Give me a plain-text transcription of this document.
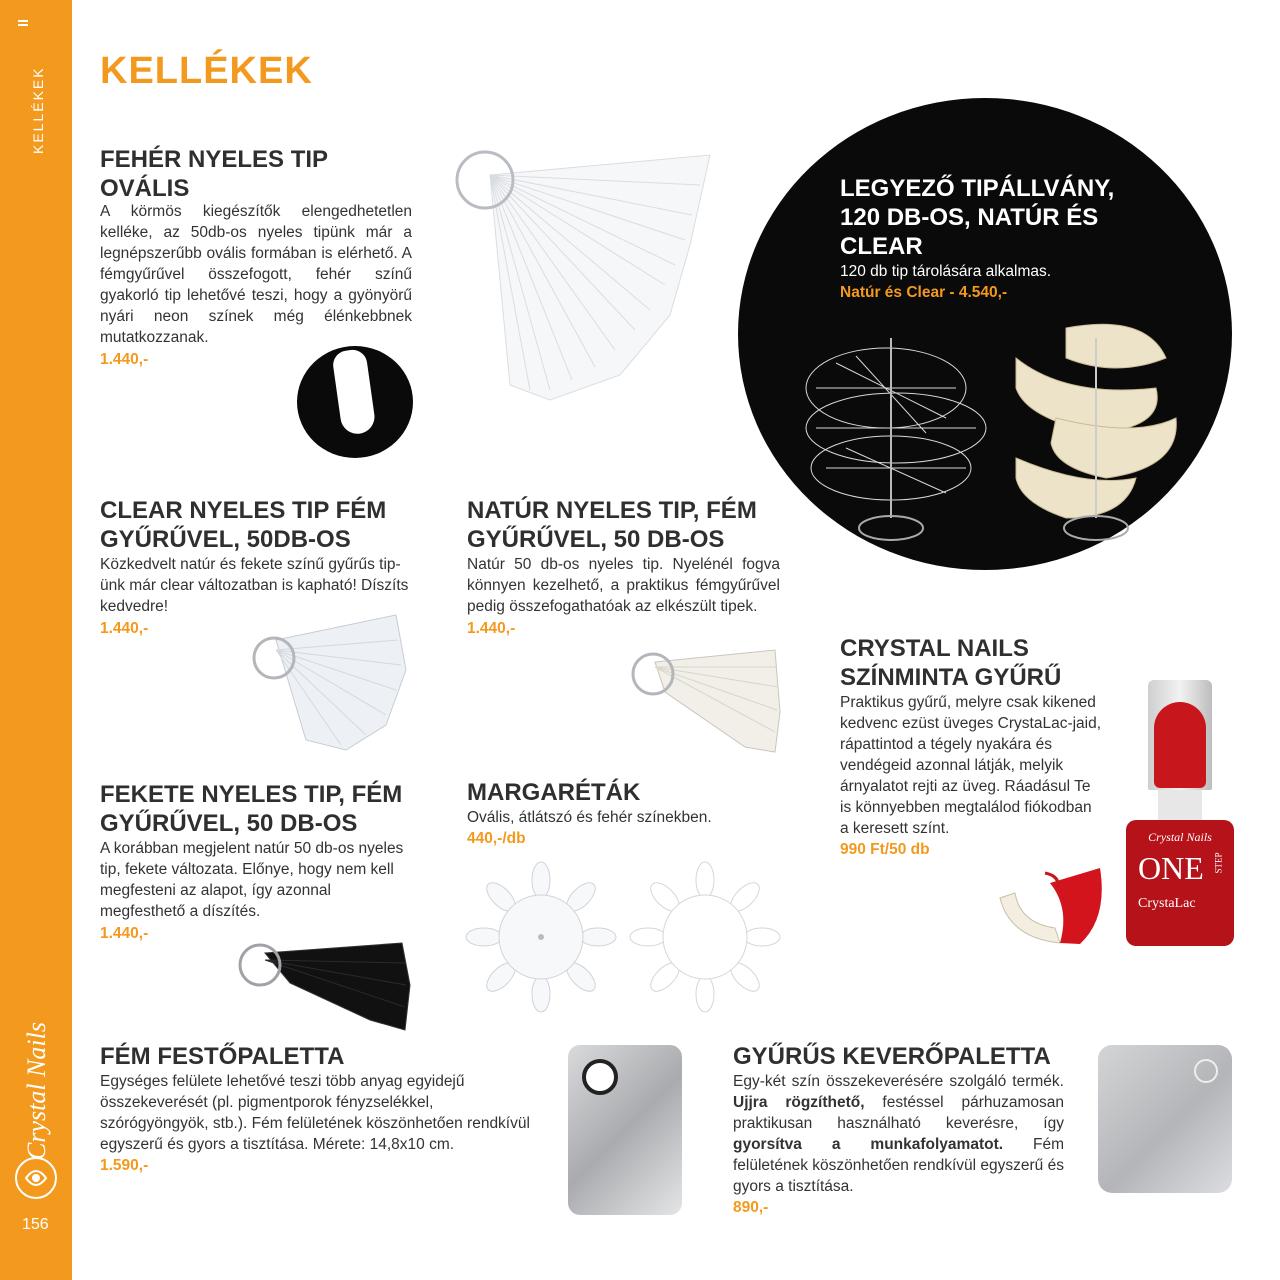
KELLÉKEK
Crystal Nails
156
KELLÉKEK
FEHÉR NYELES TIP
OVÁLIS

A körmös kiegészítők elengedhetetlen kelléke, az 50db-os nyeles tipünk már a legnépszerűbb ovális formában is elérhető. A fémgyűrűvel összefogott, fehér színű gyakorló tip lehetővé teszi, hogy a gyönyörű nyári neon színek még élénkebbnek mutatkozzanak.

1.440,-
LEGYEZŐ TIPÁLLVÁNY,
120 DB-OS, NATÚR ÉS
CLEAR

120 db tip tárolására alkalmas.

Natúr és Clear - 4.540,-
CLEAR NYELES TIP FÉM
GYŰRŰVEL, 50DB-OS

Közkedvelt natúr és fekete színű gyűrűs tip-ünk már clear változatban is kapható! Díszíts kedvedre!

1.440,-
NATÚR NYELES TIP, FÉM
GYŰRŰVEL, 50 DB-OS

Natúr 50 db-os nyeles tip. Nyelénél fogva könnyen kezelhető, a praktikus fémgyűrűvel pedig összefogathatóak az elkészült tipek.

1.440,-
CRYSTAL NAILS
SZÍNMINTA GYŰRŰ

Praktikus gyűrű, melyre csak kikened kedvenc ezüst üveges CrystaLac-jaid, rápattintod a tégely nyakára és vendégeid azonnal látják, melyik árnyalatot rejti az üveg. Ráadásul Te is könnyebben megtalálod fiókodban a keresett színt.

990 Ft/50 db
Crystal Nails
ONE STEP
CrystaLac
FEKETE NYELES TIP, FÉM
GYŰRŰVEL, 50 DB-OS

A korábban megjelent natúr 50 db-os nyeles tip, fekete változata. Előnye, hogy nem kell megfesteni az alapot, így azonnal megfesthető a díszítés.

1.440,-
MARGARÉTÁK

Ovális, átlátszó és fehér színekben.

440,-/db
FÉM FESTŐPALETTA

Egységes felülete lehetővé teszi több anyag egyidejű összekeverését (pl. pigmentporok fényzselékkel, szórógyöngyök, stb.). Fém felületének köszönhetően rendkívül egyszerű és gyors a tisztítása. Mérete: 14,8x10 cm.

1.590,-
GYŰRŰS KEVERŐPALETTA

Egy-két szín összekeverésére szolgáló termék. Ujjra rögzíthető, festéssel párhuzamosan praktikusan használható keverésre, így gyorsítva a munkafolyamatot. Fém felületének köszönhetően rendkívül egyszerű és gyors a tisztítása.

890,-
